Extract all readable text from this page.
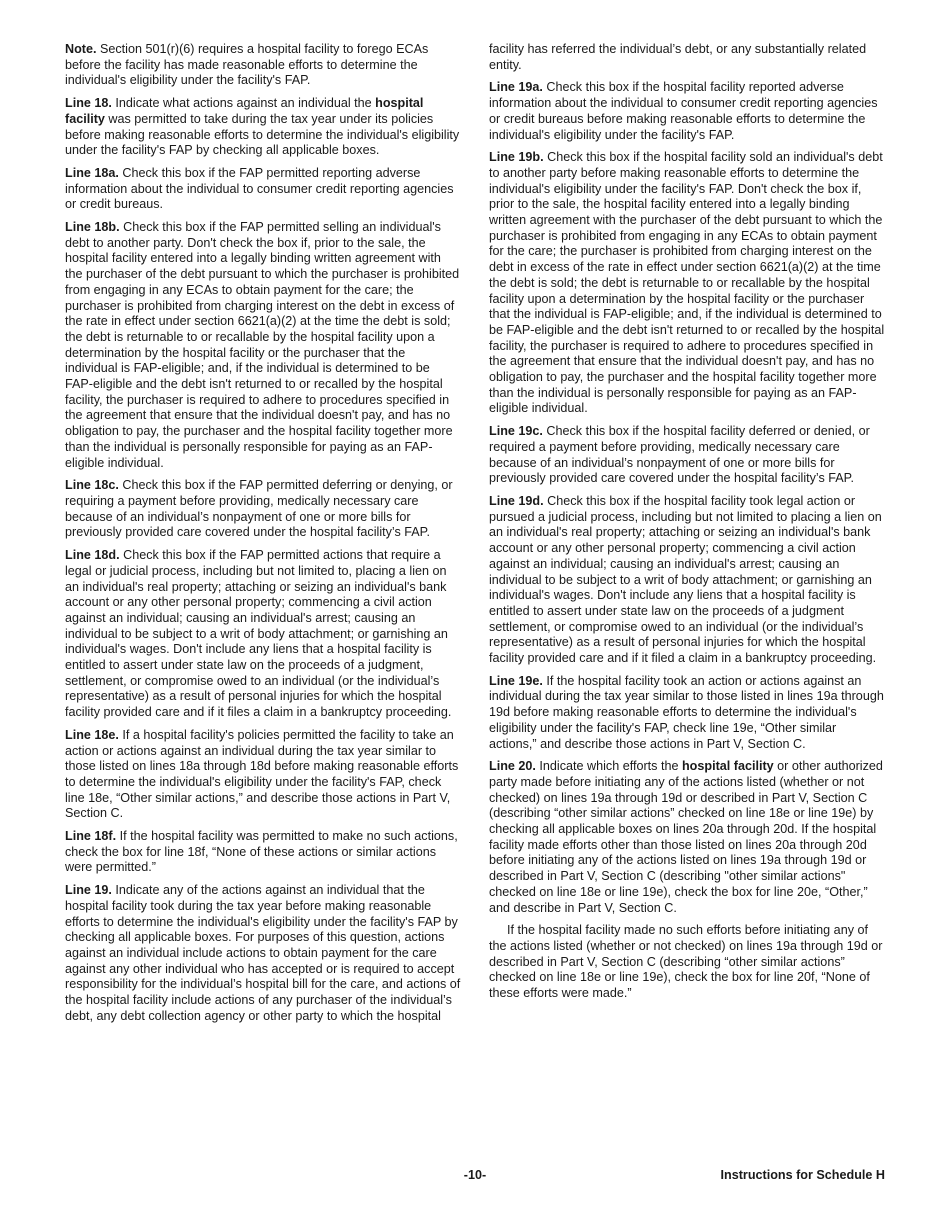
Note. Section 501(r)(6) requires a hospital facility to forego ECAs before the facility has made reasonable efforts to determine the individual's eligibility under the facility's FAP.

Line 18. Indicate what actions against an individual the hospital facility was permitted to take during the tax year under its policies before making reasonable efforts to determine the individual's eligibility under the facility's FAP by checking all applicable boxes.

Line 18a. Check this box if the FAP permitted reporting adverse information about the individual to consumer credit reporting agencies or credit bureaus.

Line 18b. Check this box if the FAP permitted selling an individual's debt to another party. Don't check the box if, prior to the sale, the hospital facility entered into a legally binding written agreement with the purchaser of the debt pursuant to which the purchaser is prohibited from engaging in any ECAs to obtain payment for the care; the purchaser is prohibited from charging interest on the debt in excess of the rate in effect under section 6621(a)(2) at the time the debt is sold; the debt is returnable to or recallable by the hospital facility upon a determination by the hospital facility or the purchaser that the individual is FAP-eligible; and, if the individual is determined to be FAP-eligible and the debt isn't returned to or recalled by the hospital facility, the purchaser is required to adhere to procedures specified in the agreement that ensure that the individual doesn't pay, and has no obligation to pay, the purchaser and the hospital facility together more than the individual is personally responsible for paying as an FAP-eligible individual.

Line 18c. Check this box if the FAP permitted deferring or denying, or requiring a payment before providing, medically necessary care because of an individual’s nonpayment of one or more bills for previously provided care covered under the hospital facility’s FAP.

Line 18d. Check this box if the FAP permitted actions that require a legal or judicial process, including but not limited to, placing a lien on an individual's real property; attaching or seizing an individual's bank account or any other personal property; commencing a civil action against an individual; causing an individual's arrest; causing an individual to be subject to a writ of body attachment; or garnishing an individual's wages. Don't include any liens that a hospital facility is entitled to assert under state law on the proceeds of a judgment, settlement, or compromise owed to an individual (or the individual’s representative) as a result of personal injuries for which the hospital facility provided care and if it files a claim in a bankruptcy proceeding.

Line 18e. If a hospital facility's policies permitted the facility to take an action or actions against an individual during the tax year similar to those listed on lines 18a through 18d before making reasonable efforts to determine the individual's eligibility under the facility's FAP, check line 18e, “Other similar actions,” and describe those actions in Part V, Section C.

Line 18f. If the hospital facility was permitted to make no such actions, check the box for line 18f, “None of these actions or similar actions were permitted.”

Line 19. Indicate any of the actions against an individual that the hospital facility took during the tax year before making reasonable efforts to determine the individual's eligibility under the facility's FAP by checking all applicable boxes. For purposes of this question, actions against an individual include actions to obtain payment for the care against any other individual who has accepted or is required to accept responsibility for the individual’s hospital bill for the care, and actions of the hospital facility include actions of any purchaser of the individual’s debt, any debt collection agency or other party to which the hospital

facility has referred the individual’s debt, or any substantially related entity.

Line 19a. Check this box if the hospital facility reported adverse information about the individual to consumer credit reporting agencies or credit bureaus before making reasonable efforts to determine the individual's eligibility under the facility's FAP.

Line 19b. Check this box if the hospital facility sold an individual's debt to another party before making reasonable efforts to determine the individual's eligibility under the facility's FAP. Don't check the box if, prior to the sale, the hospital facility entered into a legally binding written agreement with the purchaser of the debt pursuant to which the purchaser is prohibited from engaging in any ECAs to obtain payment for the care; the purchaser is prohibited from charging interest on the debt in excess of the rate in effect under section 6621(a)(2) at the time the debt is sold; the debt is returnable to or recallable by the hospital facility upon a determination by the hospital facility or the purchaser that the individual is FAP-eligible; and, if the individual is determined to be FAP-eligible and the debt isn't returned to or recalled by the hospital facility, the purchaser is required to adhere to procedures specified in the agreement that ensure that the individual doesn't pay, and has no obligation to pay, the purchaser and the hospital facility together more than the individual is personally responsible for paying as an FAP-eligible individual.

Line 19c. Check this box if the hospital facility deferred or denied, or required a payment before providing, medically necessary care because of an individual’s nonpayment of one or more bills for previously provided care covered under the hospital facility’s FAP.

Line 19d. Check this box if the hospital facility took legal action or pursued a judicial process, including but not limited to placing a lien on an individual's real property; attaching or seizing an individual's bank account or any other personal property; commencing a civil action against an individual; causing an individual's arrest; causing an individual to be subject to a writ of body attachment; or garnishing an individual's wages. Don't include any liens that a hospital facility is entitled to assert under state law on the proceeds of a judgment settlement, or compromise owed to an individual (or the individual’s representative) as a result of personal injuries for which the hospital facility provided care and if it filed a claim in a bankruptcy proceeding.

Line 19e. If the hospital facility took an action or actions against an individual during the tax year similar to those listed in lines 19a through 19d before making reasonable efforts to determine the individual's eligibility under the facility's FAP, check line 19e, “Other similar actions,” and describe those actions in Part V, Section C.

Line 20. Indicate which efforts the hospital facility or other authorized party made before initiating any of the actions listed (whether or not checked) on lines 19a through 19d or described in Part V, Section C (describing “other similar actions” checked on line 18e or line 19e) by checking all applicable boxes on lines 20a through 20d. If the hospital facility made efforts other than those listed on lines 20a through 20d before initiating any of the actions listed on lines 19a through 19d or described in Part V, Section C (describing "other similar actions" checked on line 18e or line 19e), check the box for line 20e, “Other,” and describe in Part V, Section C.

If the hospital facility made no such efforts before initiating any of the actions listed (whether or not checked) on lines 19a through 19d or described in Part V, Section C (describing “other similar actions” checked on line 18e or line 19e), check the box for line 20f, “None of these efforts were made.”

-10-	Instructions for Schedule H
